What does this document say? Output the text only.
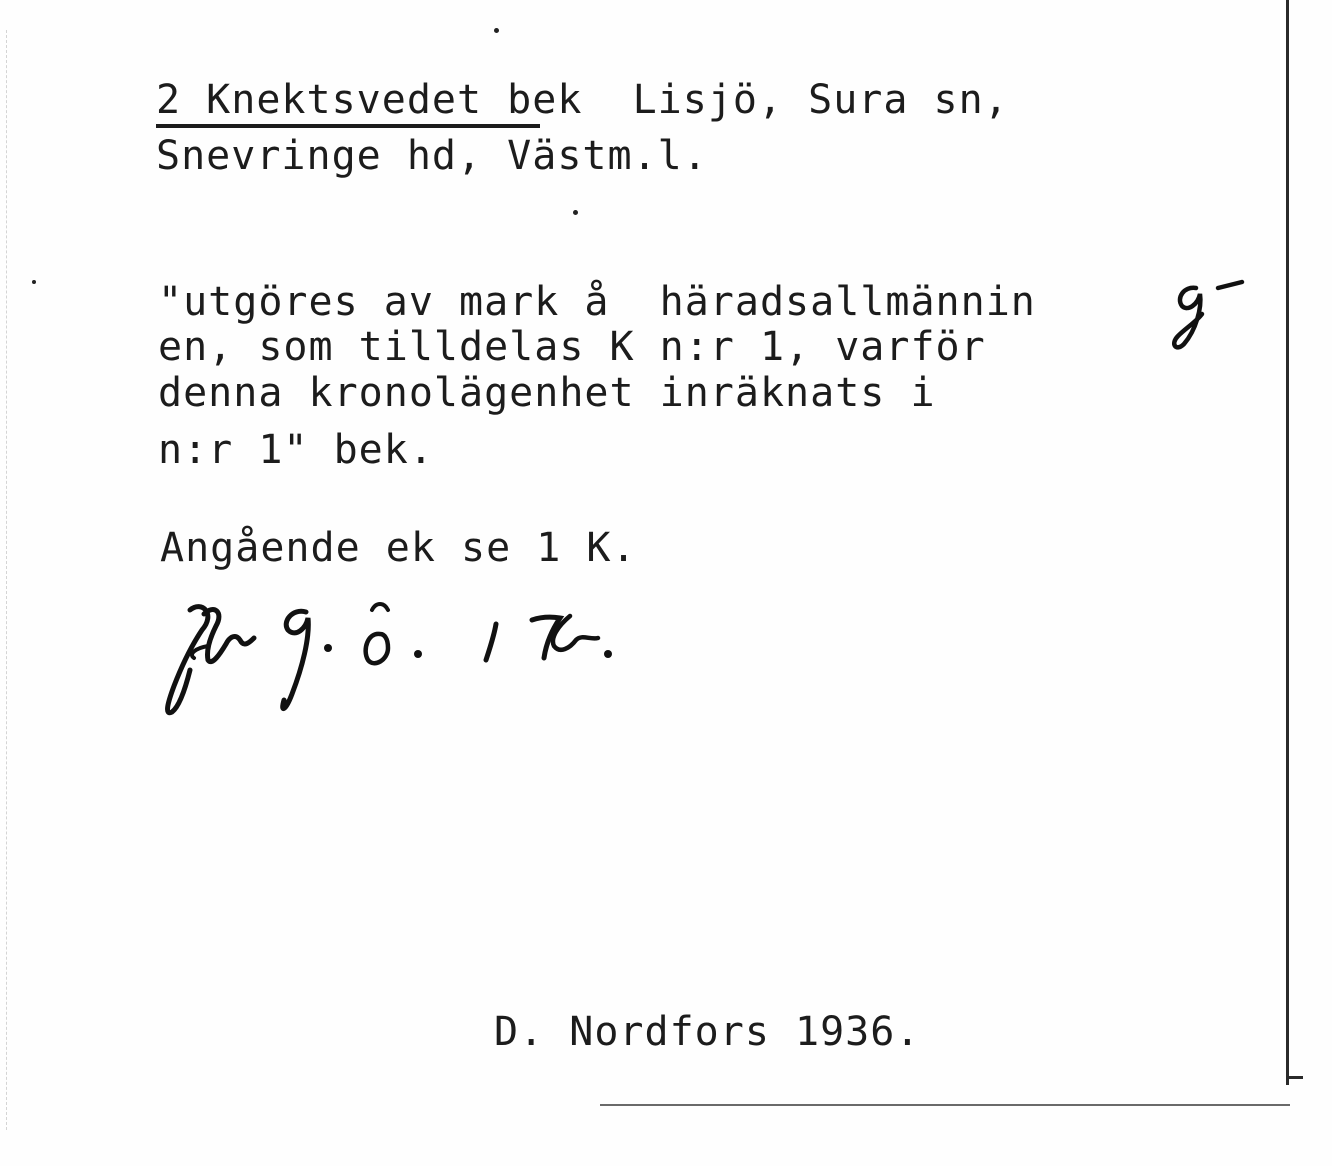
2 Knektsvedet bek  Lisjö, Sura sn,
Snevringe hd, Västm.l.
"utgöres av mark å  häradsallmännin
en, som tilldelas K n:r 1, varför
denna kronolägenhet inräknats i
n:r 1" bek.
Angående ek se 1 K.
D. Nordfors 1936.
